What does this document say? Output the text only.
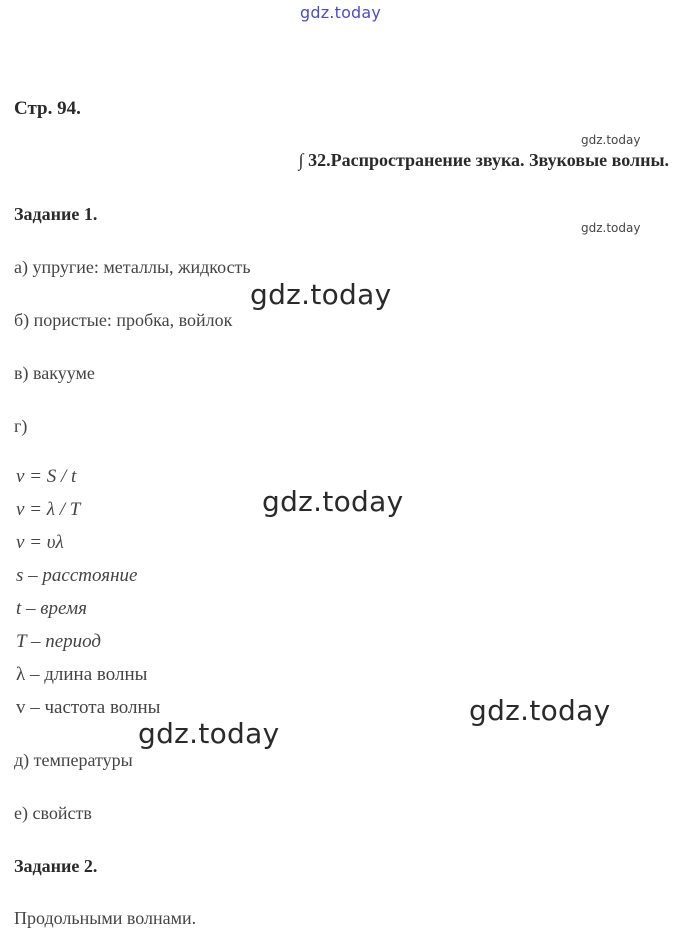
gdz.today
Стр. 94.
gdz.today
∫ 32.Распространение звука. Звуковые волны.
Задание 1.
gdz.today
а) упругие: металлы, жидкость
gdz.today
б) пористые: пробка, войлок
в) вакууме
г)
v = S / t
v = λ / T	gdz.today
v = υλ
s – расстояние
t – время
T – период
λ – длина волны
v – частота волны	gdz.today
gdz.today
д) температуры
е) свойств
Задание 2.
Продольными волнами.
